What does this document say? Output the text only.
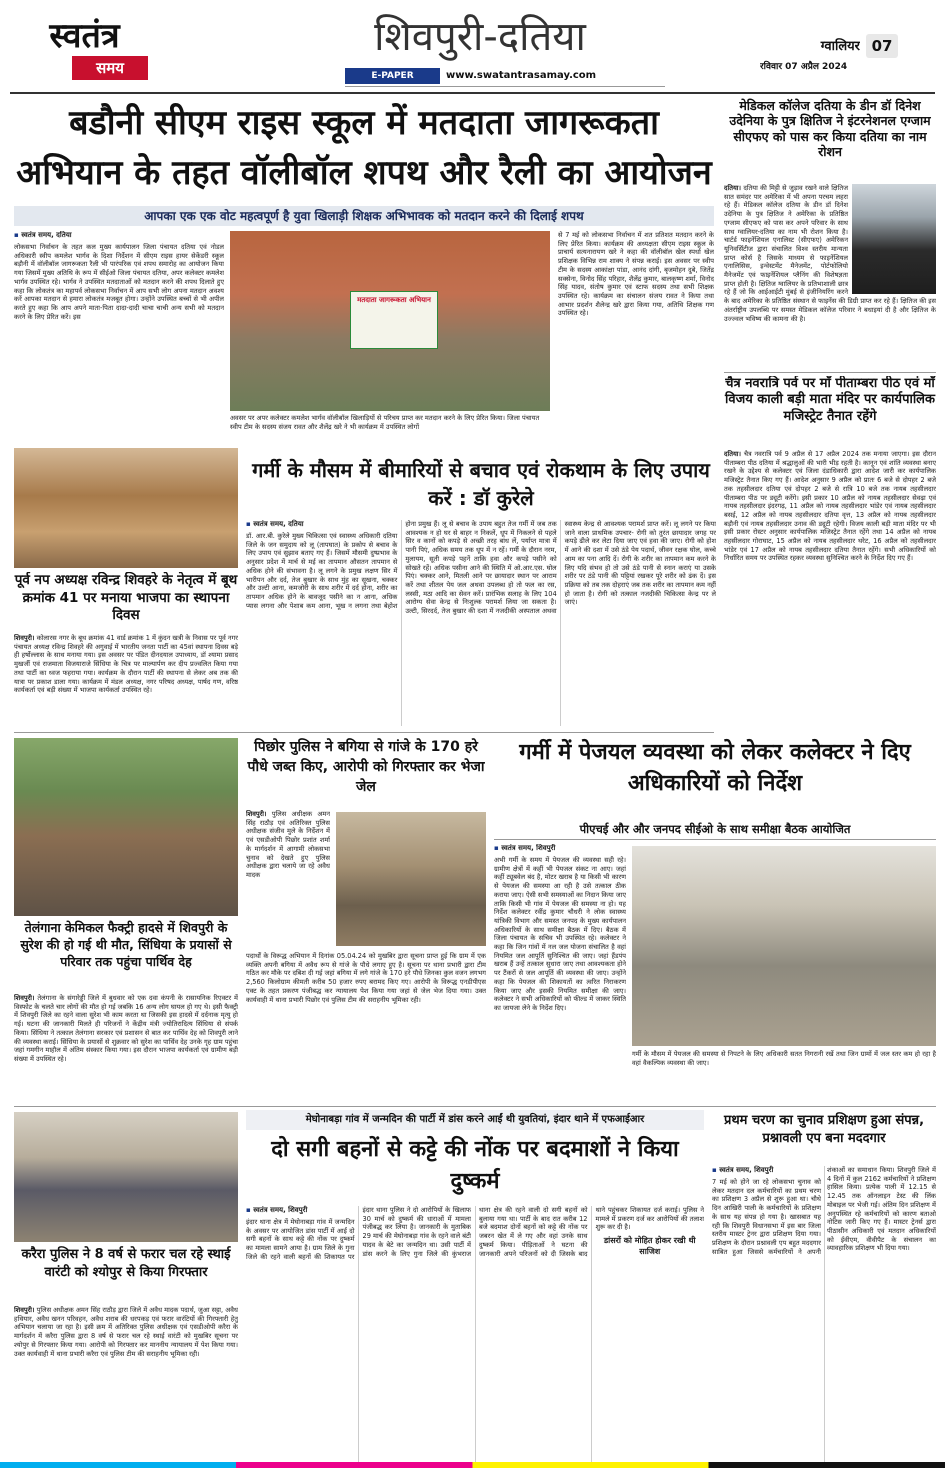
स्वतंत्र
समय
शिवपुरी-दतिया
E-PAPER	www.swatantrasamay.com
ग्वालियर 07
रविवार 07 अप्रैल 2024
बडौनी सीएम राइस स्कूल में मतदाता जागरूकता अभियान के तहत वॉलीबॉल शपथ और रैली का आयोजन
आपका एक एक वोट महत्वपूर्ण है युवा खिलाड़ी शिक्षक अभिभावक को मतदान करने की दिलाई शपथ
▪ स्वतंत्र समय, दतिया
लोकसभा निर्वाचन के तहत कल मुख्य कार्यपालन जिला पंचायत दतिया एवं नोडल अधिकारी स्वीप कमलेश भार्गव के दिशा निर्देशन में सीएम राइस हायर सेकेंडरी स्कूल बड़ौनी में वॉलीबॉल जागरूकता रैली भी पारंपरिक एवं शपथ समारोह का आयोजन किया गया जिसमें मुख्य अतिथि के रूप में सीईओ जिला पंचायत दतिया, अपर कलेक्टर कमलेश भार्गव उपस्थित रहे। भार्गव ने उपस्थित मतदाताओं को मतदान करने की शपथ दिलाते हुए कहा कि लोकतंत्र का महापर्व लोकसभा निर्वाचन में आप सभी लोग अपना मतदान अवश्य करें आपका मतदान से हमारा लोकतंत्र मजबूत होगा। उन्होंने उपस्थित बच्चों से भी अपील करते हुए कहा कि आप अपने माता-पिता दादा-दादी चाचा चाची अन्य सभी को मतदान करने के लिए प्रेरित करें। इस
मतदाता जागरूकता अभियान
अवसर पर अपर कलेक्टर कमलेश भार्गव वॉलीबॉल खिलाड़ियों से परिचय प्राप्त कर मतदान करने के लिए प्रेरित किया। जिला पंचायत स्वीप टीम के सदस्य संजय रावत और शैलेंद्र खरे ने भी कार्यक्रम में उपस्थित लोगों
से 7 मई को लोकसभा निर्वाचन में शत प्रतिशत मतदान करने के लिए प्रेरित किया। कार्यक्रम की अध्यक्षता सीएम राइस स्कूल के प्राचार्य सत्यनारायण खरे ने कहा की वॉलीबॉल खेल स्पर्धा खेल प्रशिक्षक विभिन्न राम शाक्य ने संपन्न कराई। इस अवसर पर स्वीप टीम के सदस्य आकांक्षा पांडा, आनंद दांगी, बृजमोहन दुबे, जितेंद्र सक्सेना, विनोद सिंह परिहार, शैलेंद्र कुमार, बालकृष्ण शर्मा, विनोद सिंह यादव, संतोष कुमार एवं स्टाफ सदस्य तथा सभी शिक्षक उपस्थित रहे। कार्यक्रम का संचालन संजय रावत ने किया तथा आभार प्रदर्शन शैलेन्द्र खरे द्वारा किया गया, अतिथि शिक्षक गण उपस्थित रहे।
मेडिकल कॉलेज दतिया के डीन डॉ दिनेश उदेनिया के पुत्र क्षितिज ने इंटरनेशनल एग्जाम सीएफए को पास कर किया दतिया का नाम रोशन
दतिया। दतिया की मिट्टी से जुड़ाव रखने वाले क्षितिज सात समंदर पार अमेरिका में भी अपना परचम लहरा रहे हैं। मेडिकल कॉलेज दतिया के डीन डॉ दिनेश उदेनिया के पुत्र क्षितिज ने अमेरिका के प्रतिष्ठित एग्जाम सीएफए को पास कर अपने परिवार के साथ साथ ग्वालियर-दतिया का नाम भी रोशन किया है। चार्टर्ड फाइनेंशियल एनालिस्ट (सीएफए) अमेरिकन यूनिवर्सिटीज द्वारा संचालित विश्व स्तरीय मान्यता प्राप्त कोर्स है जिसके माध्यम से फाइनेंशियल एनालिसिस, इन्वेस्टमेंट मैनेजमेंट, पोर्टफोलियो मैनेजमेंट एवं फाइनेंशियल प्लैनिंग की विशेषज्ञता प्राप्त होती है। क्षितिज ग्वालियर के प्रतिभाशाली छात्र रहे हैं जो कि आईआईटी मुंबई से इंजीनियरिंग करने के बाद अमेरिका के प्रतिष्ठित संस्थान से फाइनेंस की डिग्री प्राप्त कर रहे हैं। क्षितिज की इस अंतर्राष्ट्रीय उपलब्धि पर समस्त मेडिकल कॉलेज परिवार ने बधाइयां दी है और क्षितिज के उज्ज्वल भविष्य की कामना की है।
चैत्र नवरात्रि पर्व पर माँ पीताम्बरा पीठ एवं माँ विजय काली बड़ी माता मंदिर पर कार्यपालिक मजिस्ट्रेट तैनात रहेंगे
दतिया। चैत्र नवरात्रि पर्व 9 अप्रैल से 17 अप्रैल 2024 तक मनाया जाएगा। इस दौरान पीताम्बरा पीठ दतिया में श्रद्धालुओं की भारी भीड़ रहती है। कानून एवं शांति व्यवस्था बनाए रखने के उद्देश्य से कलेक्टर एवं जिला दंडाधिकारी द्वारा आदेश जारी कर कार्यपालिक मजिस्ट्रेट तैनात किए गए हैं। आदेश अनुसार 9 अप्रैल को प्रातः 6 बजे से दोपहर 2 बजे तक तहसीलदार दतिया एवं दोपहर 2 बजे से रात्रि 10 बजे तक नायब तहसीलदार पीताम्बरा पीठ पर ड्यूटी करेंगे। इसी प्रकार 10 अप्रैल को नायब तहसीलदार सेवढ़ा एवं नायब तहसीलदार इंदरगढ़, 11 अप्रैल को नायब तहसीलदार भांडेर एवं नायब तहसीलदार बसई, 12 अप्रैल को नायब तहसीलदार दतिया वृत्त, 13 अप्रैल को नायब तहसीलदार बड़ौनी एवं नायब तहसीलदार उनाव की ड्यूटी रहेगी। विजय काली बड़ी माता मंदिर पर भी इसी प्रकार रोस्टर अनुसार कार्यपालिक मजिस्ट्रेट तैनात रहेंगे तथा 14 अप्रैल को नायब तहसीलदार गोराघाट, 15 अप्रैल को नायब तहसीलदार थरेट, 16 अप्रैल को तहसीलदार भांडेर एवं 17 अप्रैल को नायब तहसीलदार दतिया तैनात रहेंगे। सभी अधिकारियों को निर्धारित समय पर उपस्थित रहकर व्यवस्था सुनिश्चित करने के निर्देश दिए गए हैं।
पूर्व नप अध्यक्ष रविन्द्र शिवहरे के नेतृत्व में बूथ क्रमांक 41 पर मनाया भाजपा का स्थापना दिवस
शिवपुरी। कोलारस नगर के बूथ क्रमांक 41 वार्ड क्रमांक 1 में कुंदन खत्री के निवास पर पूर्व नगर पंचायत अध्यक्ष रविन्द्र शिवहरे की अगुवाई में भारतीय जनता पार्टी का 45वां स्थापना दिवस बड़े ही हर्षोल्लास के साथ मनाया गया। इस अवसर पर पंडित दीनदयाल उपाध्याय, डॉ श्यामा प्रसाद मुखर्जी एवं राजमाता विजयाराजे सिंधिया के चित्र पर माल्यार्पण कर दीप प्रज्वलित किया गया तथा पार्टी का ध्वज फहराया गया। कार्यक्रम के दौरान पार्टी की स्थापना से लेकर अब तक की यात्रा पर प्रकाश डाला गया। कार्यक्रम में मंडल अध्यक्ष, नगर परिषद अध्यक्ष, पार्षद गण, वरिष्ठ कार्यकर्ता एवं बड़ी संख्या में भाजपा कार्यकर्ता उपस्थित रहे।
गर्मी के मौसम में बीमारियों से बचाव एवं रोकथाम के लिए उपाय करें : डॉ कुरेले
▪ स्वतंत्र समय, दतिया
डॉ. आर.बी. कुरेले मुख्य चिकित्सा एवं स्वास्थ्य अधिकारी दतिया जिले के जन समुदाय को लू (तापघात) के प्रकोप से बचाव के लिए उपाय एवं सुझाव बताए गए हैं। जिसमें मौसमी दुष्प्रभाव के अनुसार प्रदेश में मार्च से मई का तापमान औसतन तापमान से अधिक होने की संभावना है। लू लगने के प्रमुख लक्षण सिर में भारीपन और दर्द, तेज बुखार के साथ मुंह का सूखना, चक्कर और उल्टी आना, कमजोरी के साथ शरीर में दर्द होना, शरीर का तापमान अधिक होने के बावजूद पसीने का न आना, अधिक प्यास लगना और पेशाब कम आना, भूख न लगना तथा बेहोश होना प्रमुख हैं। लू से बचाव के उपाय बहुत तेज गर्मी में जब तक आवश्यक न हो घर से बाहर न निकलें, धूप में निकलने से पहले सिर व कानों को कपड़े से अच्छी तरह बांध लें, पर्याप्त मात्रा में पानी पिएं, अधिक समय तक धूप में न रहें। गर्मी के दौरान नरम, मुलायम, सूती कपड़े पहनें ताकि हवा और कपड़े पसीने को सोखते रहें। अधिक पसीना आने की स्थिति में ओ.आर.एस. घोल पिएं। चक्कर आने, मितली आने पर छायादार स्थान पर आराम करें तथा शीतल पेय जल अथवा उपलब्ध हो तो फल का रस, लस्सी, मठा आदि का सेवन करें। प्रारंभिक सलाह के लिए 104 आरोग्य सेवा केन्द्र से निःशुल्क परामर्श लिया जा सकता है। उल्टी, सिरदर्द, तेज बुखार की दशा में नजदीकी अस्पताल अथवा स्वास्थ्य केन्द्र से आवश्यक परामर्श प्राप्त करें। लू लगने पर किया जाने वाला प्राथमिक उपचार- रोगी को तुरंत छायादार जगह पर कपड़े ढीले कर लेटा दिया जाए एवं हवा की जाए। रोगी को होश में आने की दशा में उसे ठंडे पेय पदार्थ, जीवन रक्षक घोल, कच्चे आम का पना आदि दें। रोगी के शरीर का तापमान कम करने के लिए यदि संभव हो तो उसे ठंडे पानी से स्नान कराएं या उसके शरीर पर ठंडे पानी की पट्टियां रखकर पूरे शरीर को ढंक दें। इस प्रक्रिया को तब तक दोहराएं जब तक शरीर का तापमान कम नहीं हो जाता है। रोगी को तत्काल नजदीकी चिकित्सा केन्द्र पर ले जाएं।
तेलंगाना केमिकल फैक्ट्री हादसे में शिवपुरी के सुरेश की हो गई थी मौत, सिंधिया के प्रयासों से परिवार तक पहुंचा पार्थिव देह
शिवपुरी। तेलंगाना के संगारेड्डी जिले में बुधवार को एक दवा कंपनी के रासायनिक रिएक्टर में विस्फोट के चलते चार लोगों की मौत हो गई जबकि 16 अन्य लोग घायल हो गए थे। इसी फैक्ट्री में शिवपुरी जिले का रहने वाला सुरेश भी काम करता था जिसकी इस हादसे में दर्दनाक मृत्यु हो गई। घटना की जानकारी मिलते ही परिजनों ने केंद्रीय मंत्री ज्योतिरादित्य सिंधिया से संपर्क किया। सिंधिया ने तत्काल तेलंगाना सरकार एवं प्रशासन से बात कर पार्थिव देह को शिवपुरी लाने की व्यवस्था कराई। सिंधिया के प्रयासों से शुक्रवार को सुरेश का पार्थिव देह उनके गृह ग्राम पहुंचा जहां गमगीन माहौल में अंतिम संस्कार किया गया। इस दौरान भाजपा कार्यकर्ता एवं ग्रामीण बड़ी संख्या में उपस्थित रहे।
पिछोर पुलिस ने बगिया से गांजे के 170 हरे पौधे जब्त किए, आरोपी को गिरफ्तार कर भेजा जेल
शिवपुरी। पुलिस अधीक्षक अमन सिंह राठौड़ एवं अतिरिक्त पुलिस अधीक्षक संजीव मुले के निर्देशन में एवं एसडीओपी पिछोर प्रशांत शर्मा के मार्गदर्शन में आगामी लोकसभा चुनाव को देखते हुए पुलिस अधीक्षक द्वारा चलाये जा रहे अवैध मादक
पदार्थों के विरूद्ध अभियान में दिनांक 05.04.24 को मुखबिर द्वारा सूचना प्राप्त हुई कि ग्राम में एक व्यक्ति अपनी बगिया में अवैध रूप से गांजे के पौधे लगाए हुए है। सूचना पर थाना प्रभारी द्वारा टीम गठित कर मौके पर दबिश दी गई जहां बगिया में लगे गांजे के 170 हरे पौधे जिनका कुल वजन लगभग 2,560 किलोग्राम कीमती करीब 50 हजार रुपए बरामद किए गए। आरोपी के विरूद्ध एनडीपीएस एक्ट के तहत प्रकरण पंजीबद्ध कर न्यायालय पेश किया गया जहां से जेल भेज दिया गया। उक्त कार्यवाही में थाना प्रभारी पिछोर एवं पुलिस टीम की सराहनीय भूमिका रही।
गर्मी में पेजयल व्यवस्था को लेकर कलेक्टर ने दिए अधिकारियों को निर्देश
पीएचई और और जनपद सीईओ के साथ समीक्षा बैठक आयोजित
▪ स्वतंत्र समय, शिवपुरी
अभी गर्मी के समय में पेयजल की व्यवस्था सही रहे। ग्रामीण क्षेत्रों में कहीं भी पेयजल संकट ना आए। जहां कहीं ट्यूबवेल बंद है, मोटर खराब है या किसी भी कारण से पेयजल की समस्या आ रही है उसे तत्काल ठीक कराया जाए। ऐसी सभी समस्याओं का निदान किया जाए ताकि किसी भी गांव में पेयजल की समस्या ना हो। यह निर्देश कलेक्टर रवींद्र कुमार चौधरी ने लोक स्वास्थ्य यांत्रिकी विभाग और समस्त जनपद के मुख्य कार्यपालन अधिकारियों के साथ समीक्षा बैठक में दिए। बैठक में जिला पंचायत के सचिव भी उपस्थित रहे। कलेक्टर ने कहा कि जिन गांवों में नल जल योजना संचालित है वहां नियमित जल आपूर्ति सुनिश्चित की जाए। जहां हैंडपंप खराब हैं उन्हें तत्काल सुधारा जाए तथा आवश्यकता होने पर टैंकरों से जल आपूर्ति की व्यवस्था की जाए। उन्होंने कहा कि पेयजल की शिकायतों का त्वरित निराकरण किया जाए और इसकी नियमित समीक्षा की जाए। कलेक्टर ने सभी अधिकारियों को फील्ड में जाकर स्थिति का जायजा लेने के निर्देश दिए।
गर्मी के मौसम में पेयजल की समस्या से निपटने के लिए अधिकारी सतत निगरानी रखें तथा जिन ग्रामों में जल स्तर कम हो रहा है वहां वैकल्पिक व्यवस्था की जाए।
करैरा पुलिस ने 8 वर्ष से फरार चल रहे स्थाई वारंटी को श्योपुर से किया गिरफ्तार
शिवपुरी। पुलिस अधीक्षक अमन सिंह राठौड़ द्वारा जिले में अवैध मादक पदार्थ, जुआ सट्टा, अवैध हथियार, अवैध खनन परिवहन, अवैध शराब की धरपकड़ एवं फरार वारंटियों की गिरफ्तारी हेतु अभियान चलाया जा रहा है। इसी क्रम में अतिरिक्त पुलिस अधीक्षक एवं एसडीओपी करैरा के मार्गदर्शन में करैरा पुलिस द्वारा 8 वर्ष से फरार चल रहे स्थाई वारंटी को मुखबिर सूचना पर श्योपुर से गिरफ्तार किया गया। आरोपी को गिरफ्तार कर माननीय न्यायालय में पेश किया गया। उक्त कार्यवाही में थाना प्रभारी करैरा एवं पुलिस टीम की सराहनीय भूमिका रही।
मेघोनाबड़ा गांव में जन्मदिन की पार्टी में डांस करने आईं थी युवतियां, इंदार थाने में एफआईआर
दो सगी बहनों से कट्टे की नोंक पर बदमाशों ने किया दुष्कर्म
▪ स्वतंत्र समय, शिवपुरी
इंदार थाना क्षेत्र में मेघोनाबड़ा गांव में जन्मदिन के अवसर पर आयोजित डांस पार्टी में आईं दो सगी बहनों के साथ कट्टे की नोंक पर दुष्कर्म का मामला सामने आया है। ग्राम जिले के गुना जिले की रहने वाली बहनों की शिकायत पर इंदार थाना पुलिस ने दो आरोपियों के खिलाफ 30 मार्च को दुष्कर्म की धाराओं में मामला पंजीबद्ध कर लिया है। जानकारी के मुताबिक 29 मार्च की मेघोनाबड़ा गांव के रहने वाले बंटी यादव के बेटे का जन्मदिन था। उसी पार्टी में डांस करने के लिए गुना जिले की कुंभराज थाना क्षेत्र की रहने वाली दो सगी बहनों को बुलाया गया था। पार्टी के बाद रात करीब 12 बजे बदमाश दोनों बहनों को कट्टे की नोंक पर जबरन खेत में ले गए और वहां उनके साथ दुष्कर्म किया। पीड़िताओं ने घटना की जानकारी अपने परिजनों को दी जिसके बाद थाने पहुंचकर शिकायत दर्ज कराई। पुलिस ने मामले में प्रकरण दर्ज कर आरोपियों की तलाश शुरू कर दी है।
डांसरों को मोहित होकर रखी थी साजिश
प्रथम चरण का चुनाव प्रशिक्षण हुआ संपन्न, प्रश्नावली एप बना मददगार
▪ स्वतंत्र समय, शिवपुरी
7 मई को होने जा रहे लोकसभा चुनाव को लेकर मतदान दल कर्मचारियों का प्रथम चरण का प्रशिक्षण 3 अप्रैल से शुरू हुआ था। चौथे दिन आखिरी पाली के कर्मचारियों के प्रशिक्षण के साथ यह संपन्न हो गया है। खासबात यह रही कि शिवपुरी विधानसभा में इस बार जिला स्तरीय मास्टर ट्रेनर द्वारा प्रशिक्षण दिया गया। प्रशिक्षण के दौरान प्रश्नावली एप बहुत मददगार साबित हुआ जिससे कर्मचारियों ने अपनी शंकाओं का समाधान किया। शिवपुरी जिले में 4 दिनों में कुल 2162 कर्मचारियों ने प्रशिक्षण हासिल किया। प्रत्येक पाली में 12.15 से 12.45 तक ऑनलाइन टेस्ट की लिंक मोबाइल पर भेजी गई। अंतिम दिन प्रशिक्षण में अनुपस्थित रहे कर्मचारियों को कारण बताओ नोटिस जारी किए गए हैं। मास्टर ट्रेनर्स द्वारा पीठासीन अधिकारी एवं मतदान अधिकारियों को ईवीएम, वीवीपैट के संचालन का व्यावहारिक प्रशिक्षण भी दिया गया।
